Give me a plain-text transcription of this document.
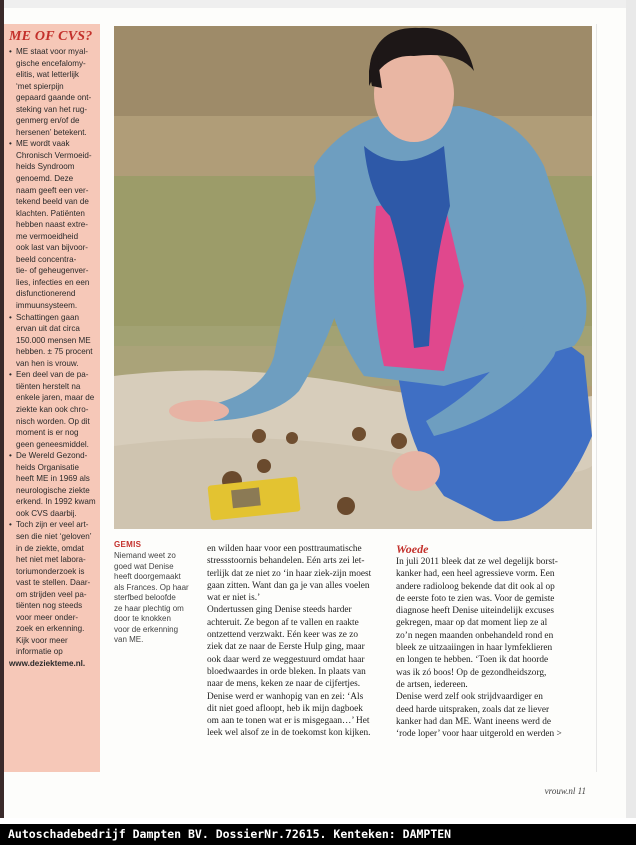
ME OF CVS?
• ME staat voor myal-
gische encefalomy-
elitis, wat letterlijk
‘met spierpijn
gepaard gaande ont-
steking van het rug-
genmerg en/of de
hersenen’ betekent.
• ME wordt vaak
Chronisch Vermoeid-
heids Syndroom
genoemd. Deze
naam geeft een ver-
tekend beeld van de
klachten. Patiënten
hebben naast extre-
me vermoeidheid
ook last van bijvoor-
beeld concentra-
tie- of geheugenver-
lies, infecties en een
disfunctionerend
immuunsysteem.
• Schattingen gaan
ervan uit dat circa
150.000 mensen ME
hebben. ± 75 procent
van hen is vrouw.
• Een deel van de pa-
tiënten herstelt na
enkele jaren, maar de
ziekte kan ook chro-
nisch worden. Op dit
moment is er nog
geen geneesmiddel.
• De Wereld Gezond-
heids Organisatie
heeft ME in 1969 als
neurologische ziekte
erkend. In 1992 kwam
ook CVS daarbij.
• Toch zijn er veel art-
sen die niet ‘geloven’
in de ziekte, omdat
het niet met labora-
toriumonderzoek is
vast te stellen. Daar-
om strijden veel pa-
tiënten nog steeds
voor meer onder-
zoek en erkenning.
Kijk voor meer
informatie op
www.deziekteme.nl.
GEMIS
Niemand weet zo
goed wat Denise
heeft doorgemaakt
als Frances. Op haar
sterfbed beloofde
ze haar plechtig om
door te knokken
voor de erkenning
van ME.
en wilden haar voor een posttraumatische
stressstoornis behandelen. Eén arts zei let-
terlijk dat ze niet zo ‘in haar ziek-zijn moest
gaan zitten. Want dan ga je van alles voelen
wat er niet is.’
Ondertussen ging Denise steeds harder
achteruit. Ze begon af te vallen en raakte
ontzettend verzwakt. Eén keer was ze zo
ziek dat ze naar de Eerste Hulp ging, maar
ook daar werd ze weggestuurd omdat haar
bloedwaardes in orde bleken. In plaats van
naar de mens, keken ze naar de cijfertjes.
Denise werd er wanhopig van en zei: ‘Als
dit niet goed afloopt, heb ik mijn dagboek
om aan te tonen wat er is misgegaan…’ Het
leek wel alsof ze in de toekomst kon kijken.
Woede
In juli 2011 bleek dat ze wel degelijk borst-
kanker had, een heel agressieve vorm. Een
andere radioloog bekende dat dit ook al op
de eerste foto te zien was. Voor de gemiste
diagnose heeft Denise uiteindelijk excuses
gekregen, maar op dat moment liep ze al
zo’n negen maanden onbehandeld rond en
bleek ze uitzaaiingen in haar lymfeklieren
en longen te hebben. ‘Toen ik dat hoorde
was ik zó boos! Op de gezondheidszorg,
de artsen, iedereen.
Denise werd zelf ook strijdvaardiger en
deed harde uitspraken, zoals dat ze liever
kanker had dan ME. Want ineens werd de
‘rode loper’ voor haar uitgerold en werden >
vrouw.nl 11
Autoschadebedrijf Dampten BV. DossierNr.72615. Kenteken: DAMPTEN
